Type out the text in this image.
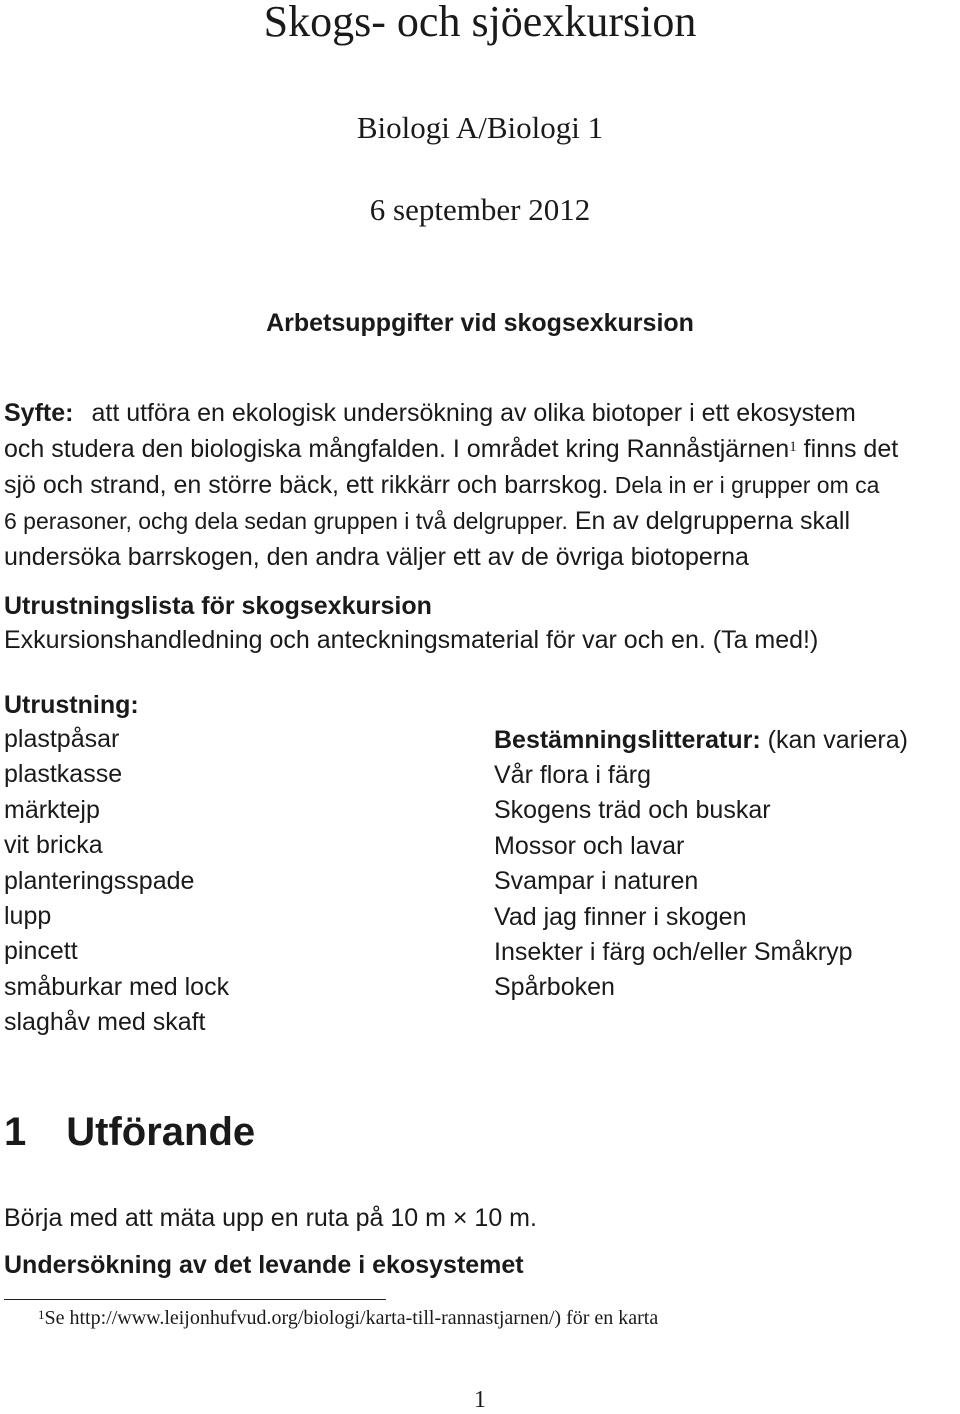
Skogs- och sjöexkursion
Biologi A/Biologi 1
6 september 2012
Arbetsuppgifter vid skogsexkursion
Syfte: att utföra en ekologisk undersökning av olika biotoper i ett ekosystem
och studera den biologiska mångfalden. I området kring Rannåstjärnen$^1$ finns det
sjö och strand, en större bäck, ett rikkärr och barrskog. Dela in er i grupper om ca
6 perasoner, ochg dela sedan gruppen i två delgrupper. En av delgrupperna skall
undersöka barrskogen, den andra väljer ett av de övriga biotoperna
Utrustningslista för skogsexkursion
Exkursionshandledning och anteckningsmaterial för var och en. (Ta med!)
Utrustning:
plastpåsar
plastkasse
märktejp
vit bricka
planteringsspade
lupp
pincett
småburkar med lock
slaghåv med skaft
Bestämningslitteratur: (kan variera)
Vår flora i färg
Skogens träd och buskar
Mossor och lavar
Svampar i naturen
Vad jag finner i skogen
Insekter i färg och/eller Småkryp
Spårboken
1 Utförande
Börja med att mäta upp en ruta på 10 m × 10 m.
Undersökning av det levande i ekosystemet
$^1$Se http://www.leijonhufvud.org/biologi/karta-till-rannastjarnen/) för en karta
1
